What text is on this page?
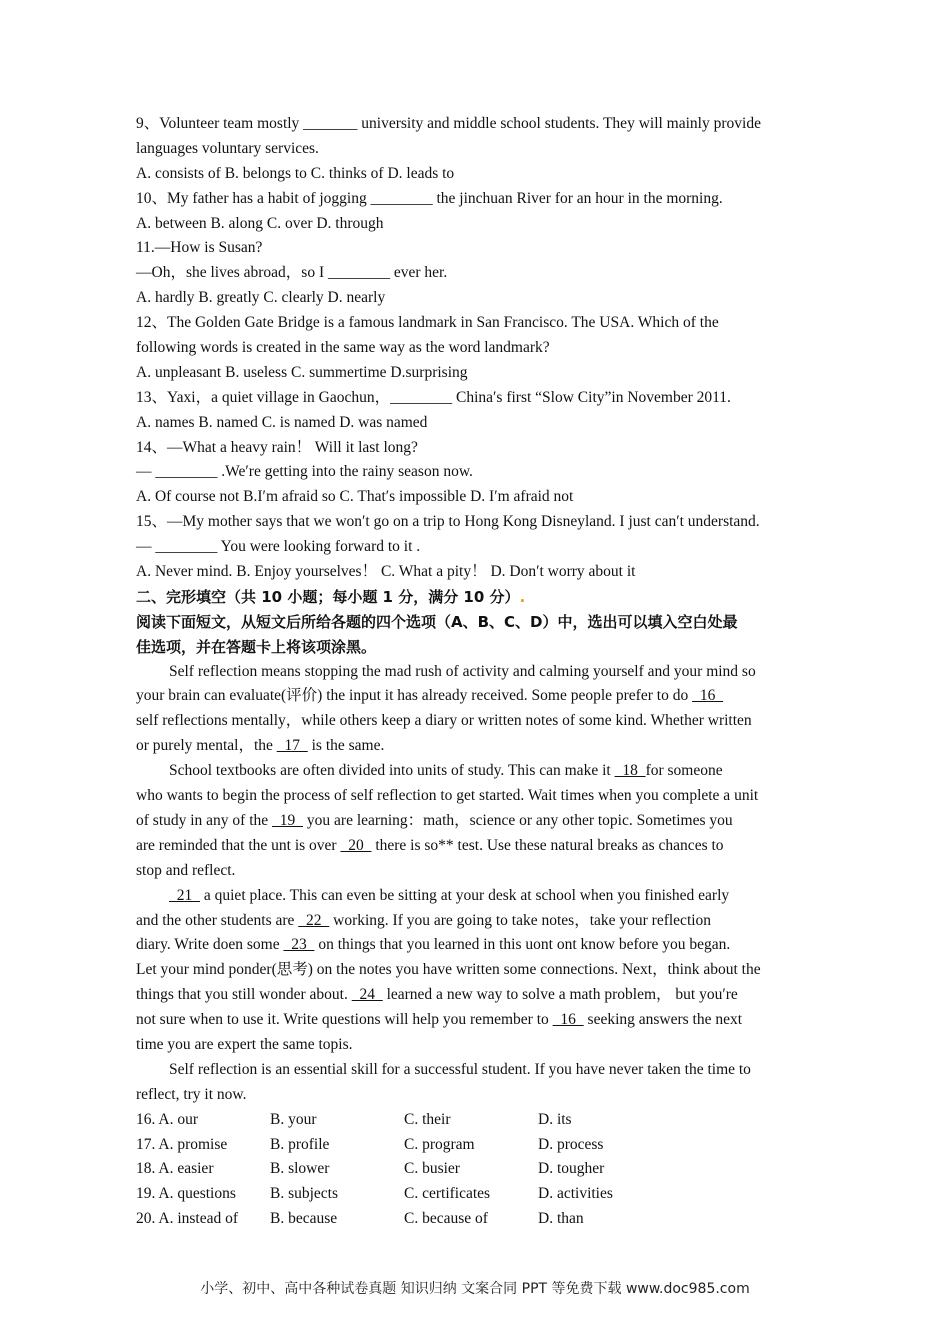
9、Volunteer team mostly _______ university and middle school students. They will mainly provide
languages voluntary services.
A. consists of B. belongs to C. thinks of D. leads to
10、My father has a habit of jogging ________ the jinchuan River for an hour in the morning.
A. between B. along C. over D. through
11.—How is Susan?
—Oh，she lives abroad，so I ________ ever her.
A. hardly B. greatly C. clearly D. nearly
12、The Golden Gate Bridge is a famous landmark in San Francisco. The USA. Which of the
following words is created in the same way as the word landmark?
A. unpleasant B. useless C. summertime D.surprising
13、Yaxi，a quiet village in Gaochun，________ China′s first “Slow City”in November 2011.
A. names B. named C. is named D. was named
14、—What a heavy rain！ Will it last long?
— ________ .We′re getting into the rainy season now.
A. Of course not B.I′m afraid so C. That′s impossible D. I′m afraid not
15、—My mother says that we won′t go on a trip to Hong Kong Disneyland. I just can′t understand.
— ________ You were looking forward to it .
A. Never mind. B. Enjoy yourselves！ C. What a pity！ D. Don′t worry about it
二、完形填空（共 10 小题；每小题 1 分，满分 10 分）.
阅读下面短文，从短文后所给各题的四个选项（A、B、C、D）中，选出可以填入空白处最
佳选项，并在答题卡上将该项涂黑。
Self reflection means stopping the mad rush of activity and calming yourself and your mind so
your brain can evaluate(评价) the input it has already received. Some people prefer to do   16
self reflections mentally，while others keep a diary or written notes of some kind. Whether written
or purely mental，the   17   is the same.
School textbooks are often divided into units of study. This can make it   18  for someone
who wants to begin the process of self reflection to get started. Wait times when you complete a unit
of study in any of the   19   you are learning：math，science or any other topic. Sometimes you
are reminded that the unt is over   20   there is so** test. Use these natural breaks as chances to
stop and reflect.
21   a quiet place. This can even be sitting at your desk at school when you finished early
and the other students are   22   working. If you are going to take notes，take your reflection
diary. Write doen some   23   on things that you learned in this uont ont know before you began.
Let your mind ponder(思考) on the notes you have written some connections. Next，think about the
things that you still wonder about.   24   learned a new way to solve a math problem， but you′re
not sure when to use it. Write questions will help you remember to   16   seeking answers the next
time you are expert the same topis.
Self reflection is an essential skill for a successful student. If you have never taken the time to
reflect, try it now.
16. A. our	B. your	C. their	D. its
17. A. promise	B. profile	C. program	D. process
18. A. easier	B. slower	C. busier	D. tougher
19. A. questions	B. subjects	C. certificates	D. activities
20. A. instead of	B. because	C. because of	D. than
小学、初中、高中各种试卷真题 知识归纳 文案合同 PPT 等免费下载 www.doc985.com
